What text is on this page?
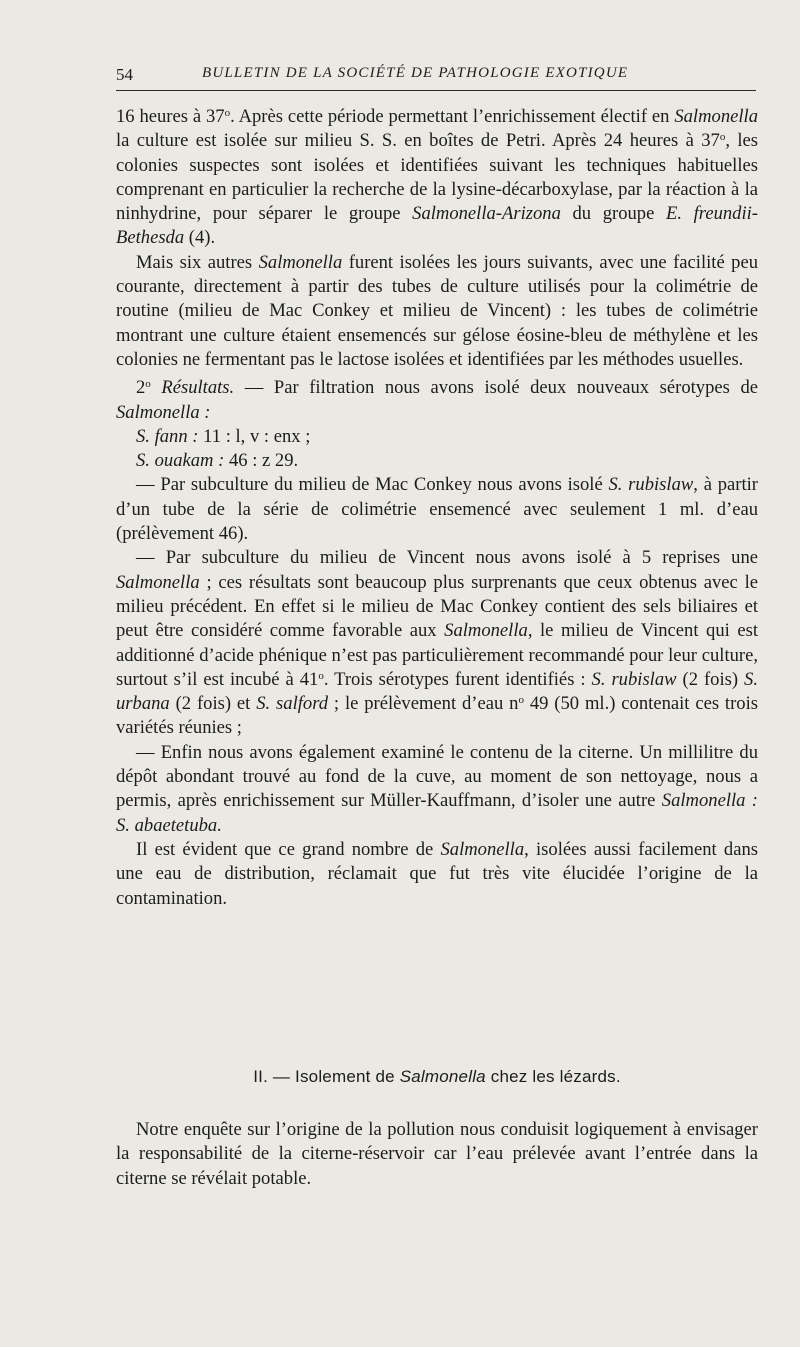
54	BULLETIN DE LA SOCIÉTÉ DE PATHOLOGIE EXOTIQUE

16 heures à 37$^o$. Après cette période permettant l’enrichissement électif en Salmonella la culture est isolée sur milieu S. S. en boîtes de Petri. Après 24 heures à 37$^o$, les colonies suspectes sont isolées et identifiées suivant les techniques habituelles comprenant en particulier la recherche de la lysine-décarboxylase, par la réaction à la ninhydrine, pour séparer le groupe Salmonella-Arizona du groupe E. freundii-Bethesda (4).

Mais six autres Salmonella furent isolées les jours suivants, avec une facilité peu courante, directement à partir des tubes de culture utilisés pour la colimétrie de routine (milieu de Mac Conkey et milieu de Vincent) : les tubes de colimétrie montrant une culture étaient ensemencés sur gélose éosine-bleu de méthylène et les colonies ne fermentant pas le lactose isolées et identifiées par les méthodes usuelles.

2$^o$ Résultats. — Par filtration nous avons isolé deux nouveaux sérotypes de Salmonella :

S. fann : 11 : l, v : enx ;

S. ouakam : 46 : z 29.

— Par subculture du milieu de Mac Conkey nous avons isolé S. rubislaw, à partir d’un tube de la série de colimétrie ensemencé avec seulement 1 ml. d’eau (prélèvement 46).

— Par subculture du milieu de Vincent nous avons isolé à 5 reprises une Salmonella ; ces résultats sont beaucoup plus surprenants que ceux obtenus avec le milieu précédent. En effet si le milieu de Mac Conkey contient des sels biliaires et peut être considéré comme favorable aux Salmonella, le milieu de Vincent qui est additionné d’acide phénique n’est pas particulièrement recommandé pour leur culture, surtout s’il est incubé à 41$^o$. Trois sérotypes furent identifiés : S. rubislaw (2 fois) S. urbana (2 fois) et S. salford ; le prélèvement d’eau $n^o$ 49 (50 ml.) contenait ces trois variétés réunies ;

— Enfin nous avons également examiné le contenu de la citerne. Un millilitre du dépôt abondant trouvé au fond de la cuve, au moment de son nettoyage, nous a permis, après enrichissement sur Müller-Kauffmann, d’isoler une autre Salmonella : S. abaetetuba.

Il est évident que ce grand nombre de Salmonella, isolées aussi facilement dans une eau de distribution, réclamait que fut très vite élucidée l’origine de la contamination.

II. — Isolement de Salmonella chez les lézards.

Notre enquête sur l’origine de la pollution nous conduisit logiquement à envisager la responsabilité de la citerne-réservoir car l’eau prélevée avant l’entrée dans la citerne se révélait potable.
